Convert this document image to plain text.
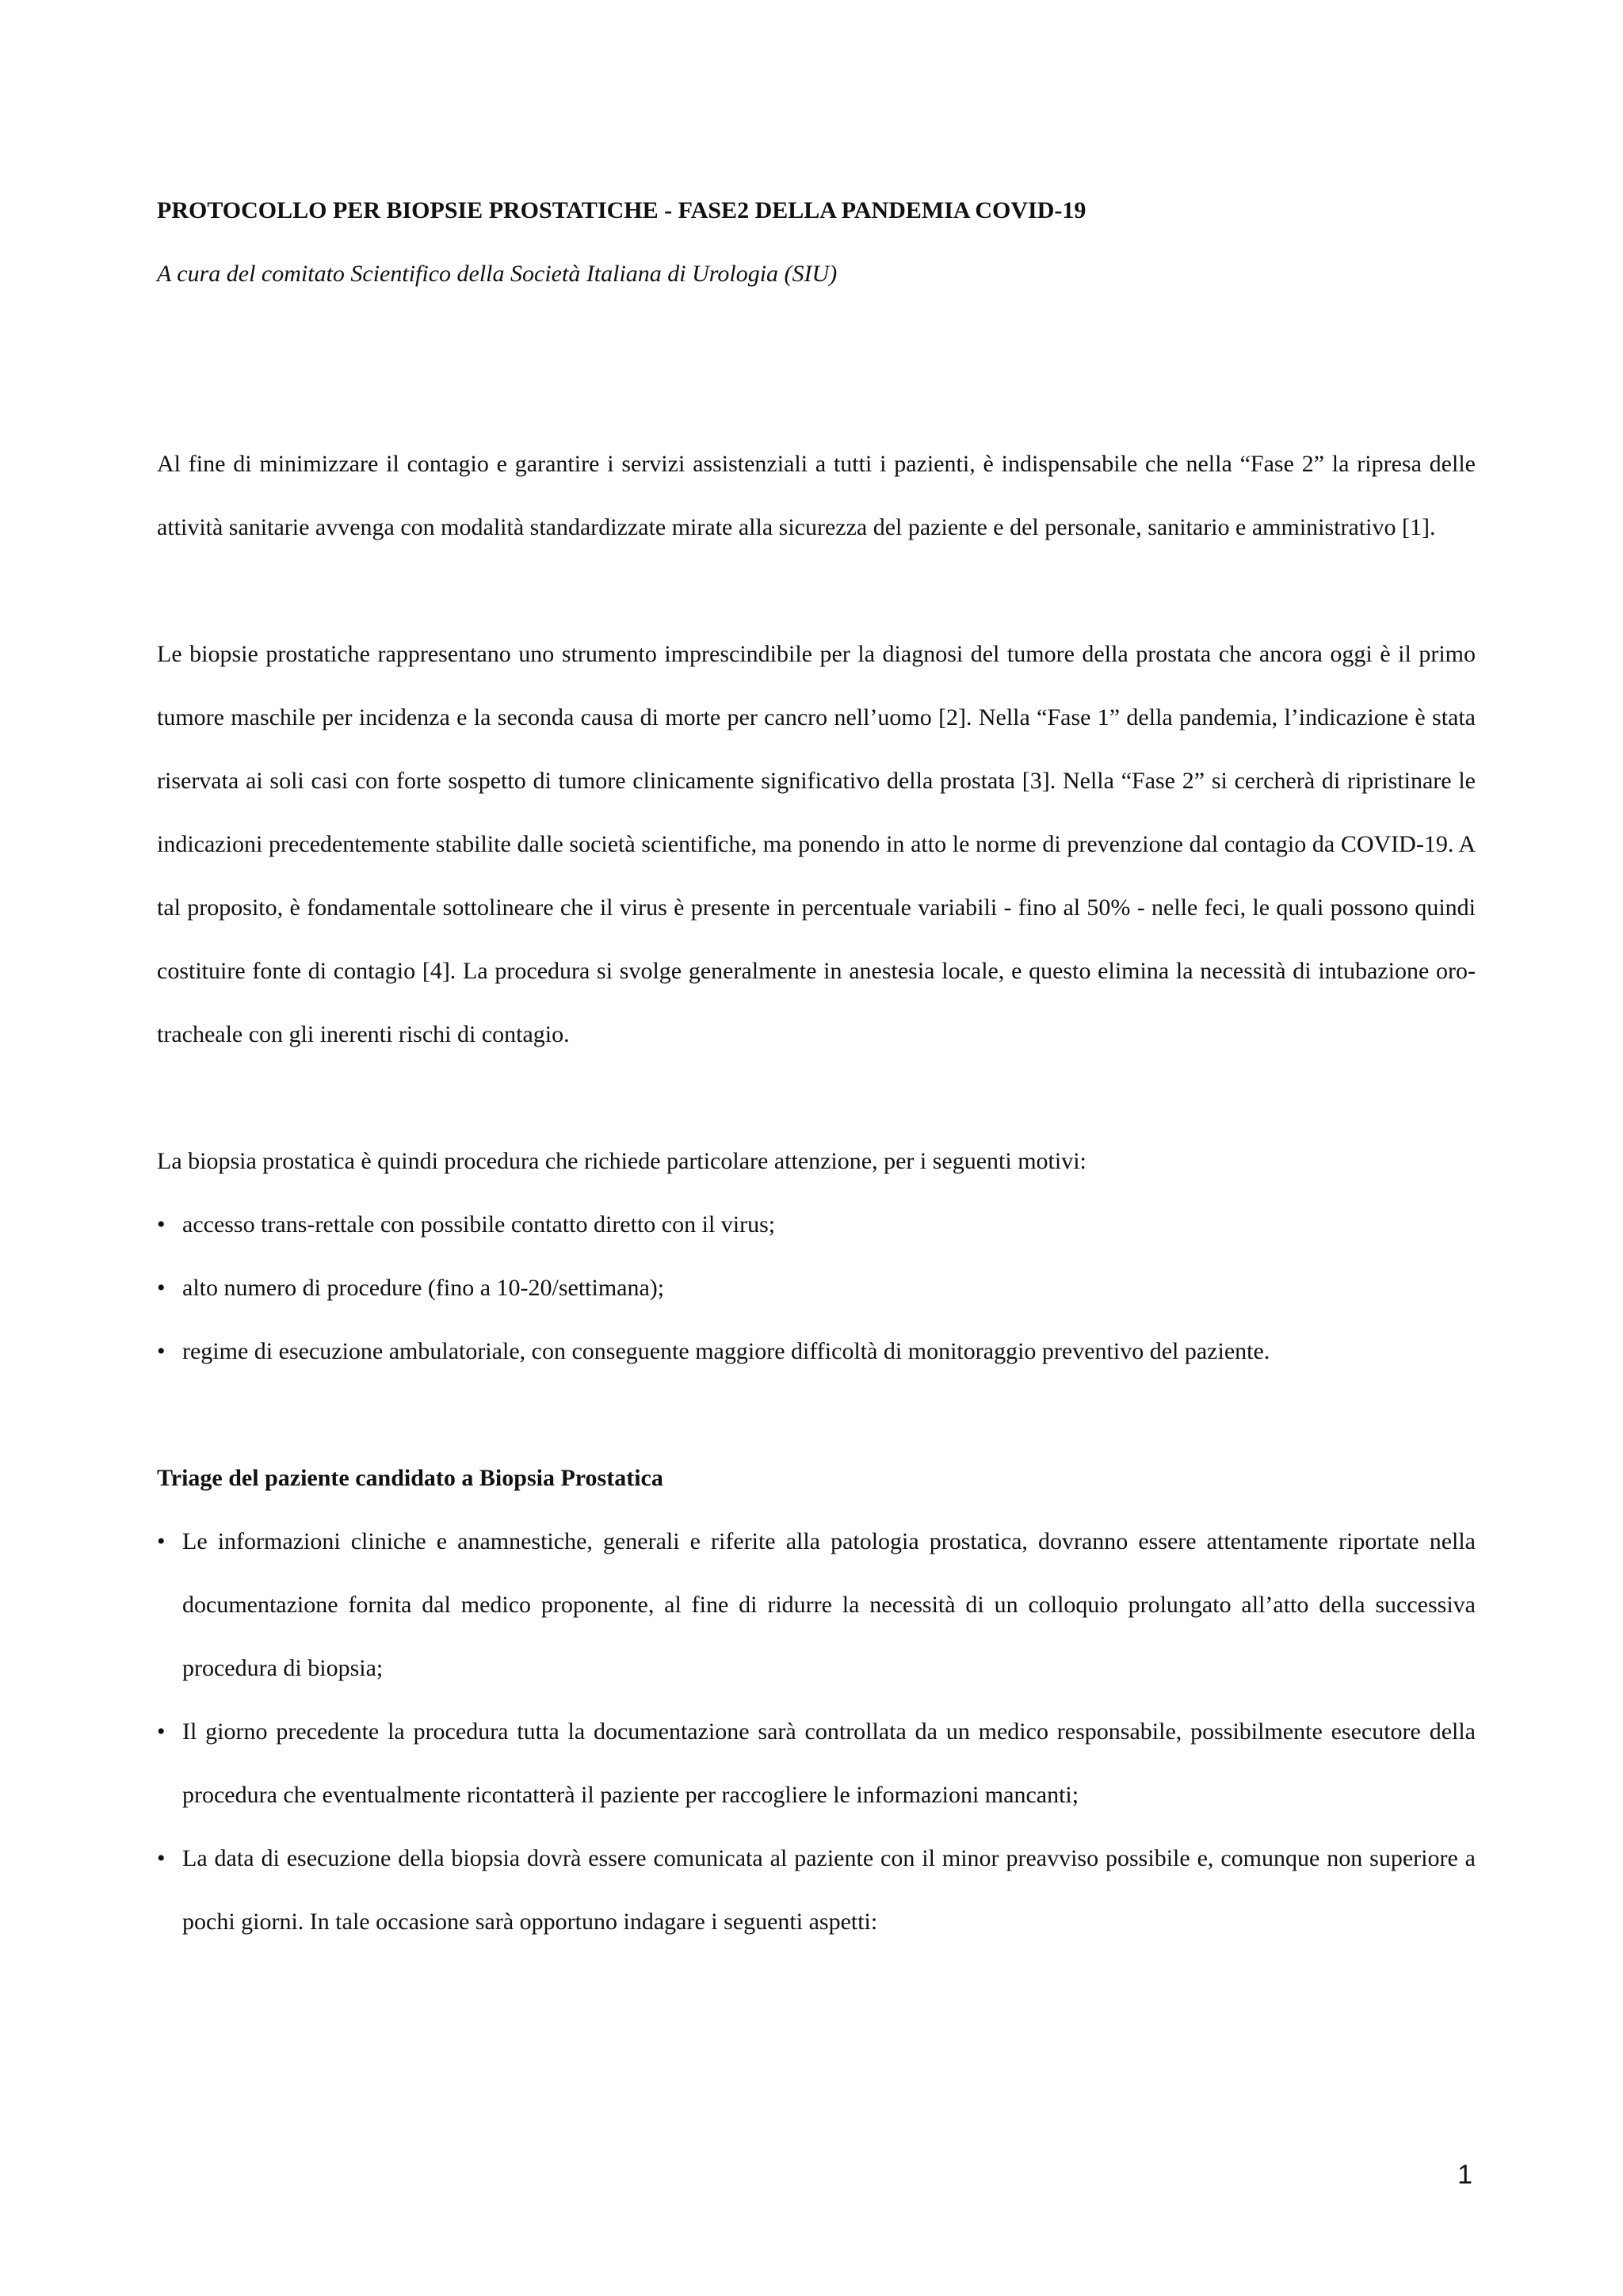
PROTOCOLLO PER BIOPSIE PROSTATICHE - FASE2 DELLA PANDEMIA COVID-19

A cura del comitato Scientifico della Società Italiana di Urologia (SIU)

Al fine di minimizzare il contagio e garantire i servizi assistenziali a tutti i pazienti, è indispensabile che nella “Fase 2” la ripresa delle attività sanitarie avvenga con modalità standardizzate mirate alla sicurezza del paziente e del personale, sanitario e amministrativo [1].

Le biopsie prostatiche rappresentano uno strumento imprescindibile per la diagnosi del tumore della prostata che ancora oggi è il primo tumore maschile per incidenza e la seconda causa di morte per cancro nell’uomo [2]. Nella “Fase 1” della pandemia, l’indicazione è stata riservata ai soli casi con forte sospetto di tumore clinicamente significativo della prostata [3]. Nella “Fase 2” si cercherà di ripristinare le indicazioni precedentemente stabilite dalle società scientifiche, ma ponendo in atto le norme di prevenzione dal contagio da COVID-19. A tal proposito, è fondamentale sottolineare che il virus è presente in percentuale variabili - fino al 50% - nelle feci, le quali possono quindi costituire fonte di contagio [4]. La procedura si svolge generalmente in anestesia locale, e questo elimina la necessità di intubazione oro-tracheale con gli inerenti rischi di contagio.

La biopsia prostatica è quindi procedura che richiede particolare attenzione, per i seguenti motivi:

• accesso trans-rettale con possibile contatto diretto con il virus;
• alto numero di procedure (fino a 10-20/settimana);
• regime di esecuzione ambulatoriale, con conseguente maggiore difficoltà di monitoraggio preventivo del paziente.

Triage del paziente candidato a Biopsia Prostatica

• Le informazioni cliniche e anamnestiche, generali e riferite alla patologia prostatica, dovranno essere attentamente riportate nella documentazione fornita dal medico proponente, al fine di ridurre la necessità di un colloquio prolungato all’atto della successiva procedura di biopsia;
• Il giorno precedente la procedura tutta la documentazione sarà controllata da un medico responsabile, possibilmente esecutore della procedura che eventualmente ricontatterà il paziente per raccogliere le informazioni mancanti;
• La data di esecuzione della biopsia dovrà essere comunicata al paziente con il minor preavviso possibile e, comunque non superiore a pochi giorni. In tale occasione sarà opportuno indagare i seguenti aspetti:
1
